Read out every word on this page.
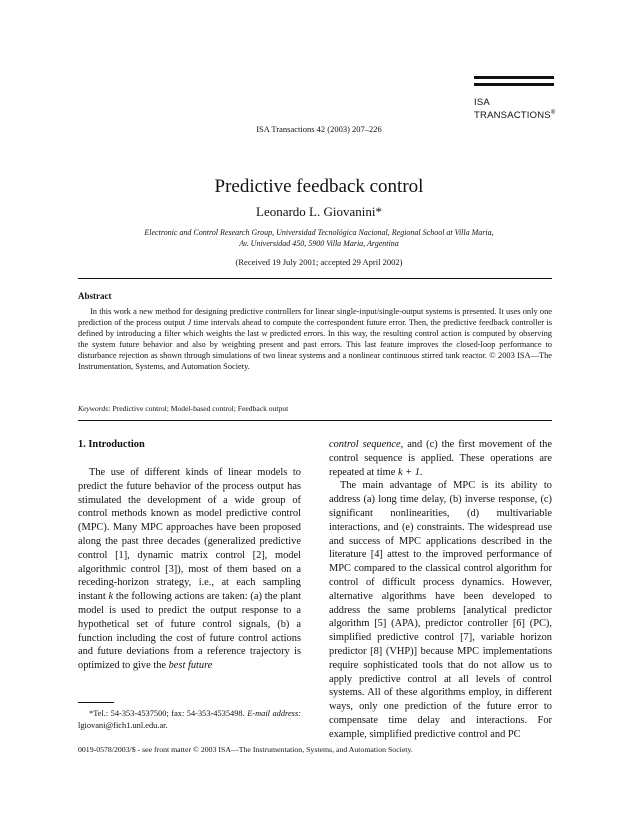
ISA
TRANSACTIONS®
ISA Transactions 42 (2003) 207–226
Predictive feedback control
Leonardo L. Giovanini*
Electronic and Control Research Group, Universidad Tecnológica Nacional, Regional School at Villa Maria,
Av. Universidad 450, 5900 Villa Maria, Argentina
(Received 19 July 2001; accepted 29 April 2002)
Abstract
In this work a new method for designing predictive controllers for linear single-input/single-output systems is presented. It uses only one prediction of the process output J time intervals ahead to compute the correspondent future error. Then, the predictive feedback controller is defined by introducing a filter which weights the last w predicted errors. In this way, the resulting control action is computed by observing the system future behavior and also by weighting present and past errors. This last feature improves the closed-loop performance to disturbance rejection as shown through simulations of two linear systems and a nonlinear continuous stirred tank reactor. © 2003 ISA—The Instrumentation, Systems, and Automation Society.
Keywords: Predictive control; Model-based control; Feedback output
1. Introduction

The use of different kinds of linear models to predict the future behavior of the process output has stimulated the development of a wide group of control methods known as model predictive control (MPC). Many MPC approaches have been proposed along the past three decades (generalized predictive control [1], dynamic matrix control [2], model algorithmic control [3]), most of them based on a receding-horizon strategy, i.e., at each sampling instant k the following actions are taken: (a) the plant model is used to predict the output response to a hypothetical set of future control signals, (b) a function including the cost of future control actions and future deviations from a reference trajectory is optimized to give the best future

control sequence, and (c) the first movement of the control sequence is applied. These operations are repeated at time k + 1.

The main advantage of MPC is its ability to address (a) long time delay, (b) inverse response, (c) significant nonlinearities, (d) multivariable interactions, and (e) constraints. The widespread use and success of MPC applications described in the literature [4] attest to the improved performance of MPC compared to the classical control algorithm for control of difficult process dynamics. However, alternative algorithms have been developed to address the same problems [analytical predictor algorithm [5] (APA), predictor controller [6] (PC), simplified predictive control [7], variable horizon predictor [8] (VHP)] because MPC implementations require sophisticated tools that do not allow us to apply predictive control at all levels of control systems. All of these algorithms employ, in different ways, only one prediction of the future error to compensate time delay and interactions. For example, simplified predictive control and PC

*Tel.: 54-353-4537500; fax: 54-353-4535498. E-mail address: lgiovani@fich1.unl.edu.ar.

0019-0578/2003/$ - see front matter © 2003 ISA—The Instrumentation, Systems, and Automation Society.
